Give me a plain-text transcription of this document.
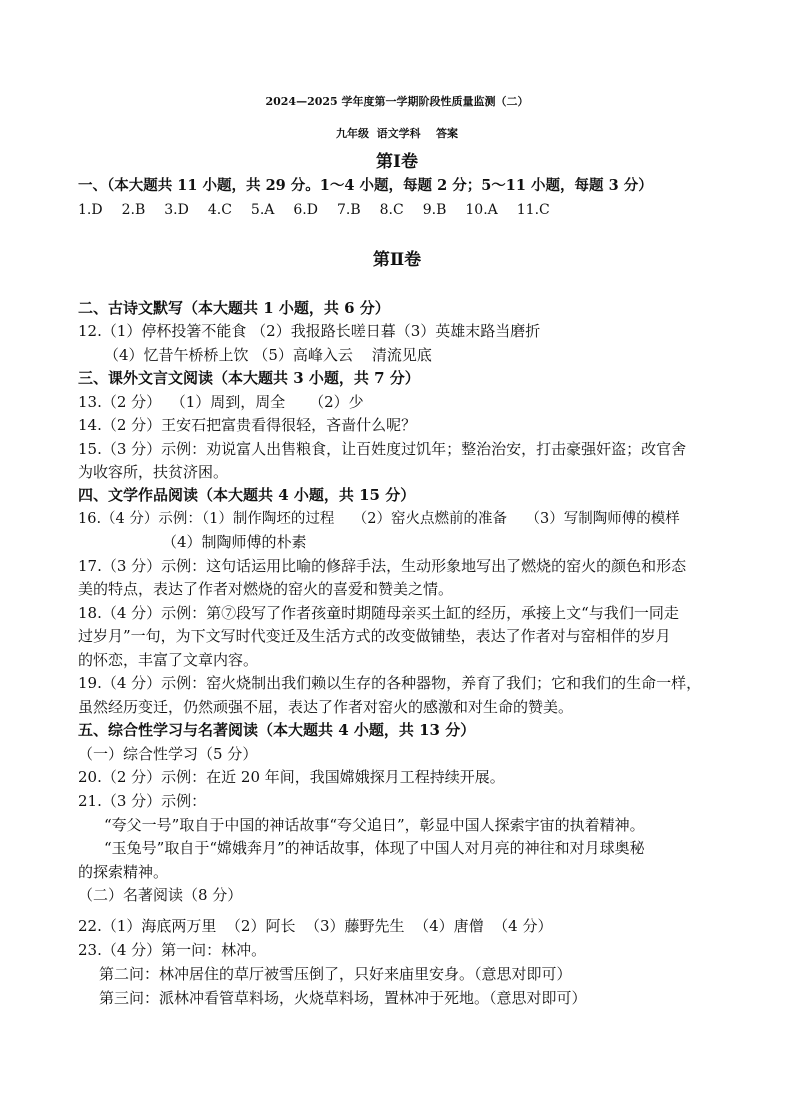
2024—2025 学年度第一学期阶段性质量监测（二）
九年级  语文学科    答案
第Ⅰ卷
一、（本大题共 11 小题，共 29 分。1～4 小题，每题 2 分；5～11 小题，每题 3 分）
1.D 2.B 3.D 4.C 5.A 6.D 7.B 8.C 9.B 10.A 11.C
第Ⅱ卷
二、古诗文默写（本大题共 1 小题，共 6 分）
12.（1）停杯投箸不能食 （2）我报路长嗟日暮（3）英雄末路当磨折
（4）忆昔午桥桥上饮 （5）高峰入云    清流见底
三、课外文言文阅读（本大题共 3 小题，共 7 分）
13.（2 分）  （1）周到，周全     （2）少
14.（2 分）王安石把富贵看得很轻，吝啬什么呢？
15.（3 分）示例：劝说富人出售粮食，让百姓度过饥年；整治治安，打击豪强奸盗；改官舍
为收容所，扶贫济困。
四、文学作品阅读（本大题共 4 小题，共 15 分）
16.（4 分）示例：（1）制作陶坯的过程    （2）窑火点燃前的准备    （3）写制陶师傅的模样
（4）制陶师傅的朴素
17.（3 分）示例：这句话运用比喻的修辞手法，生动形象地写出了燃烧的窑火的颜色和形态
美的特点，表达了作者对燃烧的窑火的喜爱和赞美之情。
18.（4 分）示例：第⑦段写了作者孩童时期随母亲买土缸的经历，承接上文“与我们一同走
过岁月”一句，为下文写时代变迁及生活方式的改变做铺垫，表达了作者对与窑相伴的岁月
的怀恋，丰富了文章内容。
19.（4 分）示例：窑火烧制出我们赖以生存的各种器物，养育了我们；它和我们的生命一样，
虽然经历变迁，仍然顽强不屈，表达了作者对窑火的感激和对生命的赞美。
五、综合性学习与名著阅读（本大题共 4 小题，共 13 分）
（一）综合性学习（5 分）
20.（2 分）示例：在近 20 年间，我国嫦娥探月工程持续开展。
21.（3 分）示例：
“夸父一号”取自于中国的神话故事“夸父追日”，彰显中国人探索宇宙的执着精神。
“玉兔号”取自于“嫦娥奔月”的神话故事，体现了中国人对月亮的神往和对月球奥秘
的探索精神。
（二）名著阅读（8 分）
22.（1）海底两万里  （2）阿长  （3）藤野先生  （4）唐僧  （4 分）
23.（4 分）第一问：林冲。
第二问：林冲居住的草厅被雪压倒了，只好来庙里安身。（意思对即可）
第三问：派林冲看管草料场，火烧草料场，置林冲于死地。（意思对即可）
